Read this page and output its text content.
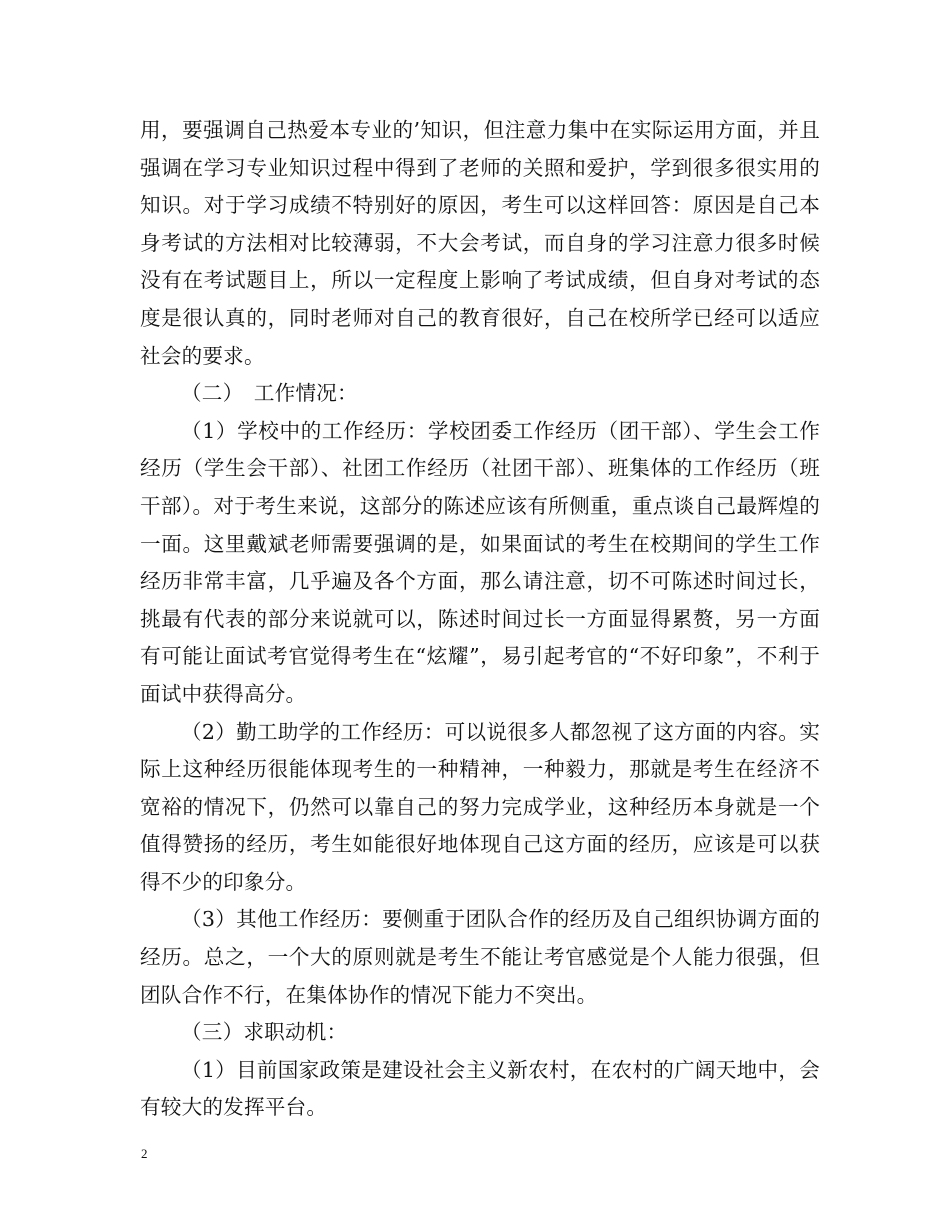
用，要强调自己热爱本专业的’知识，但注意力集中在实际运用方面，并且强调在学习专业知识过程中得到了老师的关照和爱护，学到很多很实用的知识。对于学习成绩不特别好的原因，考生可以这样回答：原因是自己本身考试的方法相对比较薄弱，不大会考试，而自身的学习注意力很多时候没有在考试题目上，所以一定程度上影响了考试成绩，但自身对考试的态度是很认真的，同时老师对自己的教育很好，自己在校所学已经可以适应社会的要求。

（二）　工作情况：

（1）学校中的工作经历：学校团委工作经历（团干部）、学生会工作经历（学生会干部）、社团工作经历（社团干部）、班集体的工作经历（班干部）。对于考生来说，这部分的陈述应该有所侧重，重点谈自己最辉煌的一面。这里戴斌老师需要强调的是，如果面试的考生在校期间的学生工作经历非常丰富，几乎遍及各个方面，那么请注意，切不可陈述时间过长，挑最有代表的部分来说就可以，陈述时间过长一方面显得累赘，另一方面有可能让面试考官觉得考生在“炫耀”，易引起考官的“不好印象”，不利于面试中获得高分。

（2）勤工助学的工作经历：可以说很多人都忽视了这方面的内容。实际上这种经历很能体现考生的一种精神，一种毅力，那就是考生在经济不宽裕的情况下，仍然可以靠自己的努力完成学业，这种经历本身就是一个值得赞扬的经历，考生如能很好地体现自己这方面的经历，应该是可以获得不少的印象分。

（3）其他工作经历：要侧重于团队合作的经历及自己组织协调方面的经历。总之，一个大的原则就是考生不能让考官感觉是个人能力很强，但团队合作不行，在集体协作的情况下能力不突出。

（三）求职动机：

（1）目前国家政策是建设社会主义新农村，在农村的广阔天地中，会有较大的发挥平台。

2
